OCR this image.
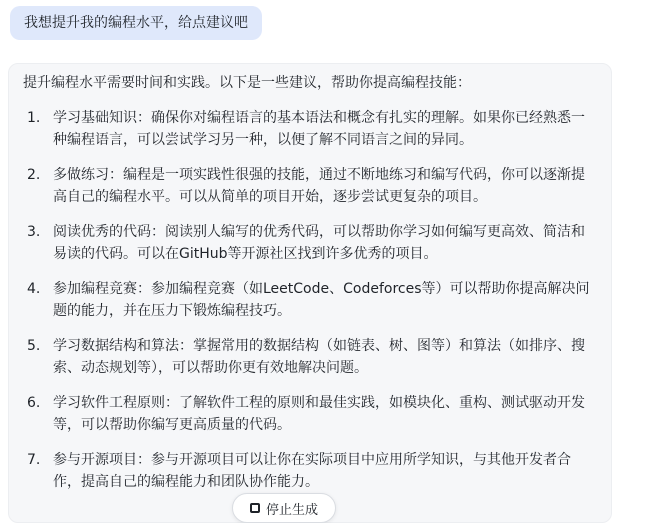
我想提升我的编程水平，给点建议吧
提升编程水平需要时间和实践。以下是一些建议，帮助你提高编程技能：
1. 学习基础知识：确保你对编程语言的基本语法和概念有扎实的理解。如果你已经熟悉一种编程语言，可以尝试学习另一种，以便了解不同语言之间的异同。
2. 多做练习：编程是一项实践性很强的技能，通过不断地练习和编写代码，你可以逐渐提高自己的编程水平。可以从简单的项目开始，逐步尝试更复杂的项目。
3. 阅读优秀的代码：阅读别人编写的优秀代码，可以帮助你学习如何编写更高效、简洁和易读的代码。可以在GitHub等开源社区找到许多优秀的项目。
4. 参加编程竞赛：参加编程竞赛（如LeetCode、Codeforces等）可以帮助你提高解决问题的能力，并在压力下锻炼编程技巧。
5. 学习数据结构和算法：掌握常用的数据结构（如链表、树、图等）和算法（如排序、搜索、动态规划等），可以帮助你更有效地解决问题。
6. 学习软件工程原则：了解软件工程的原则和最佳实践，如模块化、重构、测试驱动开发等，可以帮助你编写更高质量的代码。
7. 参与开源项目：参与开源项目可以让你在实际项目中应用所学知识，与其他开发者合作，提高自己的编程能力和团队协作能力。
停止生成
